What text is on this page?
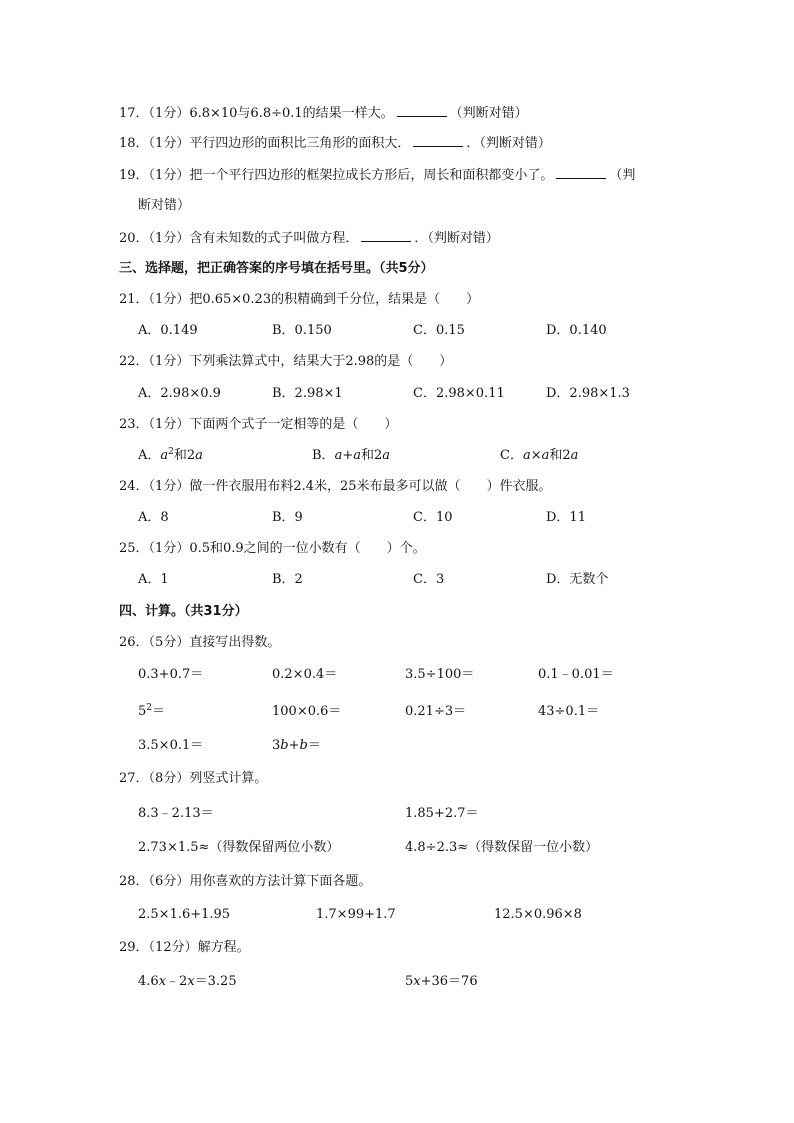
17．（1分）6.8×10与6.8÷0.1的结果一样大。	（判断对错）
18．（1分）平行四边形的面积比三角形的面积大．	．（判断对错）
19．（1分）把一个平行四边形的框架拉成长方形后，周长和面积都变小了。	（判
断对错）
20．（1分）含有未知数的式子叫做方程．	．（判断对错）
三、选择题，把正确答案的序号填在括号里。（共5分）
21．（1分）把0.65×0.23的积精确到千分位，结果是（　　）
A．0.149	B．0.150	C．0.15	D．0.140
22．（1分）下列乘法算式中，结果大于2.98的是（　　）
A．2.98×0.9	B．2.98×1	C．2.98×0.11	D．2.98×1.3
23．（1分）下面两个式子一定相等的是（　　）
A．$a^2$和2a	B．a+a和2a	C．a×a和2a
24．（1分）做一件衣服用布料2.4米，25米布最多可以做（　　）件衣服。
A．8	B．9	C．10	D．11
25．（1分）0.5和0.9之间的一位小数有（　　）个。
A．1	B．2	C．3	D．无数个
四、计算。（共31分）
26．（5分）直接写出得数。
0.3+0.7＝	0.2×0.4＝	3.5÷100＝	0.1﹣0.01＝
$5^2=$	100×0.6＝	0.21÷3＝	43÷0.1＝
3.5×0.1＝	3b+b＝
27．（8分）列竖式计算。
8.3﹣2.13＝	1.85+2.7＝
2.73×1.5≈（得数保留两位小数）	4.8÷2.3≈（得数保留一位小数）
28．（6分）用你喜欢的方法计算下面各题。
2.5×1.6+1.95	1.7×99+1.7	12.5×0.96×8
29．（12分）解方程。
4.6x﹣2x＝3.25	5x+36＝76
